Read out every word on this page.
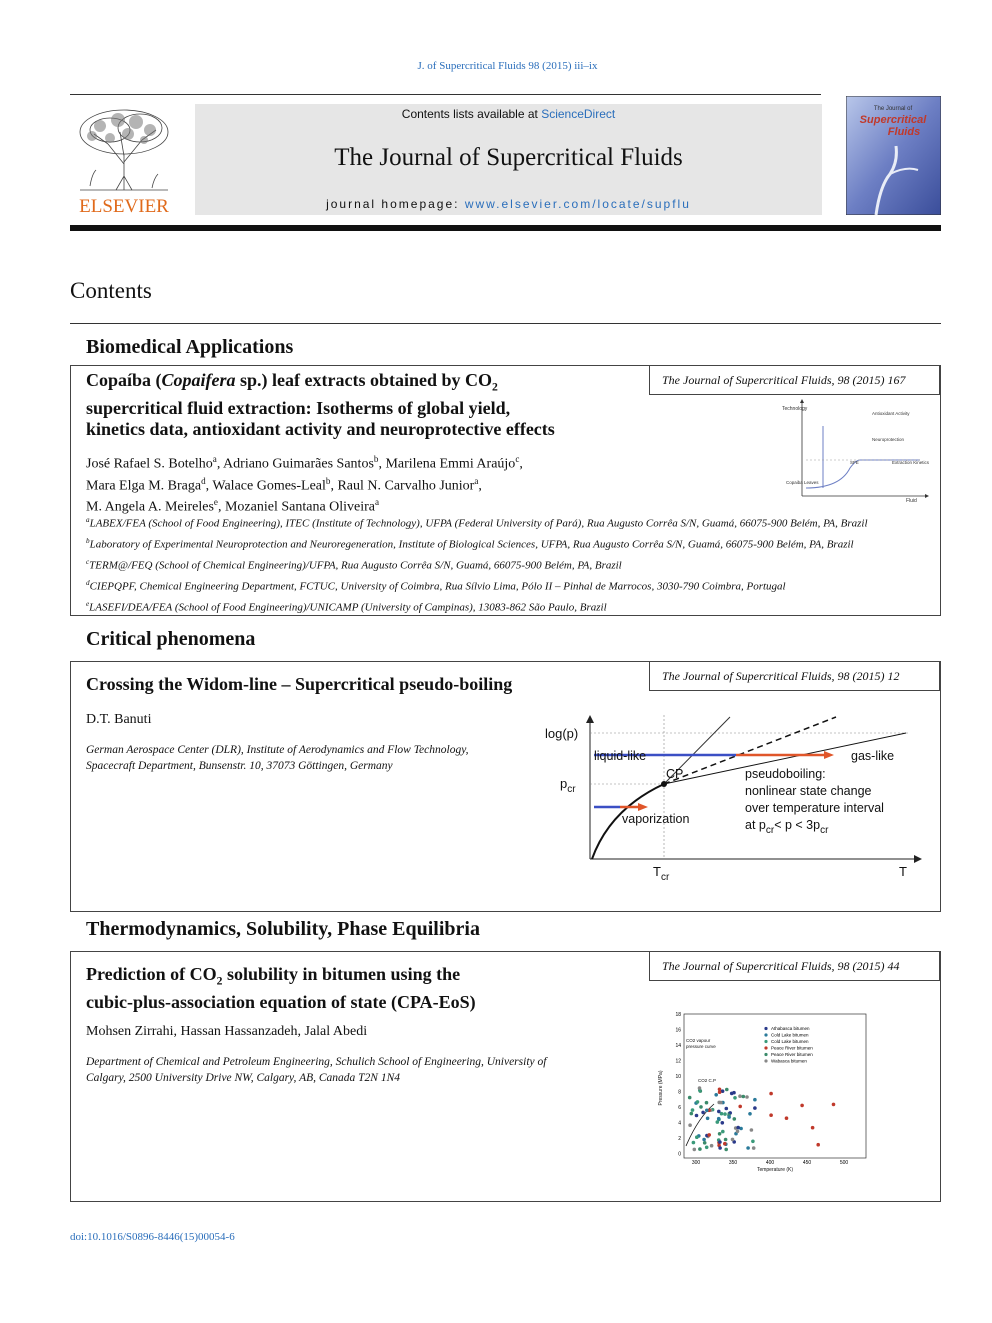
J. of Supercritical Fluids 98 (2015) iii–ix
ELSEVIER
Contents lists available at ScienceDirect
The Journal of Supercritical Fluids
journal homepage: www.elsevier.com/locate/supflu
The Journal of
Supercritical
Fluids
Contents
Biomedical Applications
The Journal of Supercritical Fluids, 98 (2015) 167
Copaíba (Copaifera sp.) leaf extracts obtained by $CO_2$
supercritical fluid extraction: Isotherms of global yield,
kinetics data, antioxidant activity and neuroprotective effects
José Rafael S. Botelho$^a$, Adriano Guimarães Santos$^b$, Marilena Emmi Araújo$^c$,
Mara Elga M. Braga$^d$, Walace Gomes-Leal$^b$, Raul N. Carvalho Junior$^a$,
M. Angela A. Meireles$^e$, Mozaniel Santana Oliveira$^a$
$^a$LABEX/FEA (School of Food Engineering), ITEC (Institute of Technology), UFPA (Federal University of Pará), Rua Augusto Corrêa S/N, Guamá, 66075-900 Belém, PA, Brazil
$^b$Laboratory of Experimental Neuroprotection and Neuroregeneration, Institute of Biological Sciences, UFPA, Rua Augusto Corrêa S/N, Guamá, 66075-900 Belém, PA, Brazil
$^c$TERM@/FEQ (School of Chemical Engineering)/UFPA, Rua Augusto Corrêa S/N, Guamá, 66075-900 Belém, PA, Brazil
$^d$CIEPQPF, Chemical Engineering Department, FCTUC, University of Coimbra, Rua Sílvio Lima, Pólo II – Pinhal de Marrocos, 3030-790 Coimbra, Portugal
$^e$LASEFI/DEA/FEA (School of Food Engineering)/UNICAMP (University of Campinas), 13083-862 São Paulo, Brazil
Technology
Fluid
Antioxidant Activity
Neuroprotection
SFE	Extraction Kinetics
Copaiba Leaves
Critical phenomena
The Journal of Supercritical Fluids, 98 (2015) 12
Crossing the Widom-line – Supercritical pseudo-boiling
D.T. Banuti
German Aerospace Center (DLR), Institute of Aerodynamics and Flow Technology,
Spacecraft Department, Bunsenstr. 10, 37073 Göttingen, Germany
log(p)
$p_{cr}$
$T_{cr}$	T
liquid-like	gas-like
CP
vaporization
pseudoboiling:
nonlinear state change
over temperature interval
at $p_{cr}< p < 3p_{cr}$
Thermodynamics, Solubility, Phase Equilibria
The Journal of Supercritical Fluids, 98 (2015) 44
Prediction of $CO_2$ solubility in bitumen using the
cubic-plus-association equation of state (CPA-EoS)
Mohsen Zirrahi, Hassan Hassanzadeh, Jalal Abedi
Department of Chemical and Petroleum Engineering, Schulich School of Engineering, University of
Calgary, 2500 University Drive NW, Calgary, AB, Canada T2N 1N4
0
2
4
6
8
10
12
14
16
18
300	350	400	450	500
Pressure (MPa)
Temperature (K)
CO2 vapour
pressure curve
CO2 C.P
Athabasca bitumen
Cold Lake bitumen
Cold Lake bitumen
Peace River bitumen
Peace River bitumen
Wabasca bitumen
doi:10.1016/S0896-8446(15)00054-6
